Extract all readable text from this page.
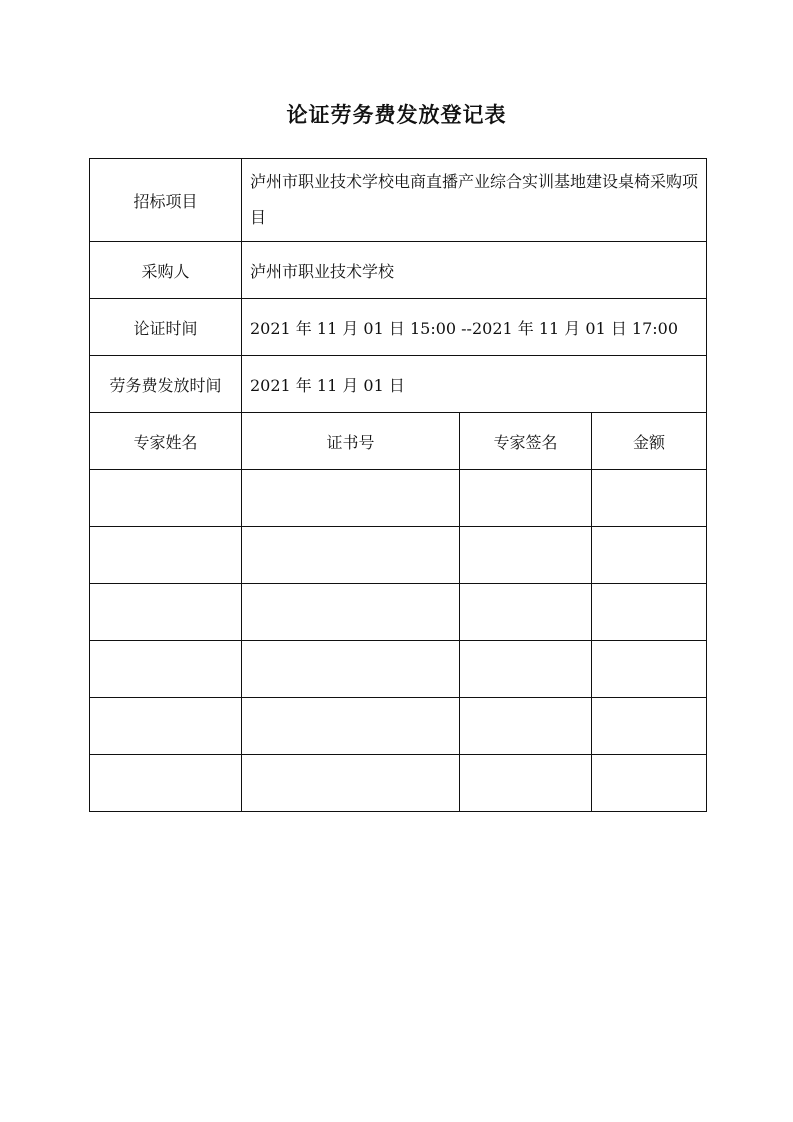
论证劳务费发放登记表
招标项目	泸州市职业技术学校电商直播产业综合实训基地建设桌椅采购项目		
采购人	泸州市职业技术学校		
论证时间	2021 年 11 月 01 日 15:00 --2021 年 11 月 01 日 17:00		
劳务费发放时间	2021 年 11 月 01 日		
专家姓名	证书号	专家签名	金额
